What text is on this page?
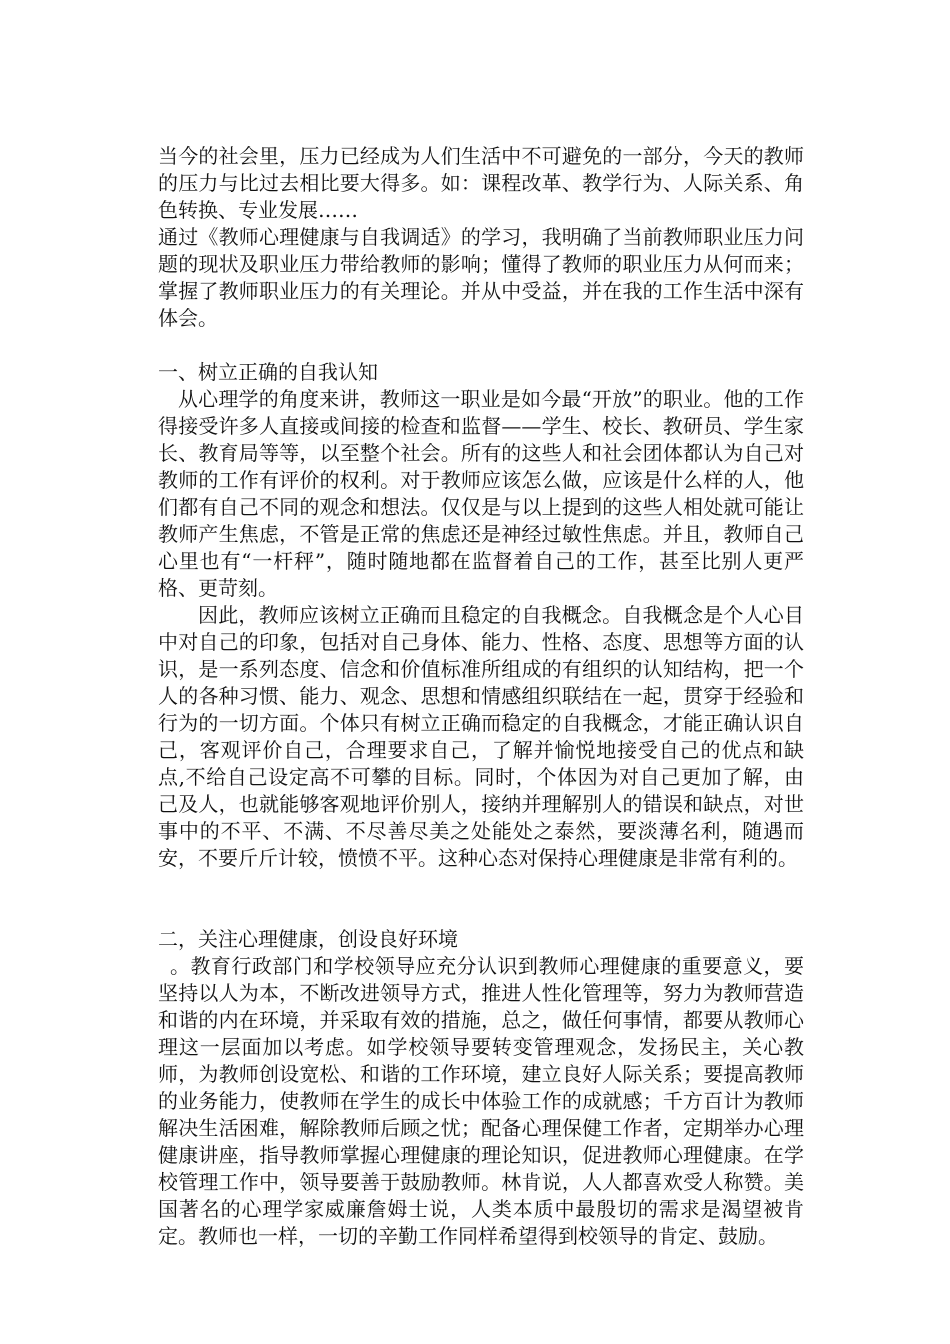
当今的社会里，压力已经成为人们生活中不可避免的一部分，今天的教师的压力与比过去相比要大得多。如：课程改革、教学行为、人际关系、角色转换、专业发展……

通过《教师心理健康与自我调适》的学习，我明确了当前教师职业压力问题的现状及职业压力带给教师的影响；懂得了教师的职业压力从何而来；掌握了教师职业压力的有关理论。并从中受益，并在我的工作生活中深有体会。

一、树立正确的自我认知

从心理学的角度来讲，教师这一职业是如今最“开放”的职业。他的工作得接受许多人直接或间接的检查和监督——学生、校长、教研员、学生家长、教育局等等，以至整个社会。所有的这些人和社会团体都认为自己对教师的工作有评价的权利。对于教师应该怎么做，应该是什么样的人，他们都有自己不同的观念和想法。仅仅是与以上提到的这些人相处就可能让教师产生焦虑，不管是正常的焦虑还是神经过敏性焦虑。并且，教师自己心里也有“一杆秤”，随时随地都在监督着自己的工作，甚至比别人更严格、更苛刻。

因此，教师应该树立正确而且稳定的自我概念。自我概念是个人心目中对自己的印象，包括对自己身体、能力、性格、态度、思想等方面的认识，是一系列态度、信念和价值标准所组成的有组织的认知结构，把一个人的各种习惯、能力、观念、思想和情感组织联结在一起，贯穿于经验和行为的一切方面。个体只有树立正确而稳定的自我概念，才能正确认识自己，客观评价自己，合理要求自己，了解并愉悦地接受自己的优点和缺点,不给自己设定高不可攀的目标。同时，个体因为对自己更加了解，由己及人，也就能够客观地评价别人，接纳并理解别人的错误和缺点，对世事中的不平、不满、不尽善尽美之处能处之泰然，要淡薄名利，随遇而安，不要斤斤计较，愤愤不平。这种心态对保持心理健康是非常有利的。

二，关注心理健康，创设良好环境

。教育行政部门和学校领导应充分认识到教师心理健康的重要意义，要坚持以人为本，不断改进领导方式，推进人性化管理等，努力为教师营造和谐的内在环境，并采取有效的措施，总之，做任何事情，都要从教师心理这一层面加以考虑。如学校领导要转变管理观念，发扬民主，关心教师，为教师创设宽松、和谐的工作环境，建立良好人际关系；要提高教师的业务能力，使教师在学生的成长中体验工作的成就感；千方百计为教师解决生活困难，解除教师后顾之忧；配备心理保健工作者，定期举办心理健康讲座，指导教师掌握心理健康的理论知识，促进教师心理健康。在学校管理工作中，领导要善于鼓励教师。林肯说，人人都喜欢受人称赞。美国著名的心理学家威廉詹姆士说，人类本质中最殷切的需求是渴望被肯定。教师也一样，一切的辛勤工作同样希望得到校领导的肯定、鼓励。
